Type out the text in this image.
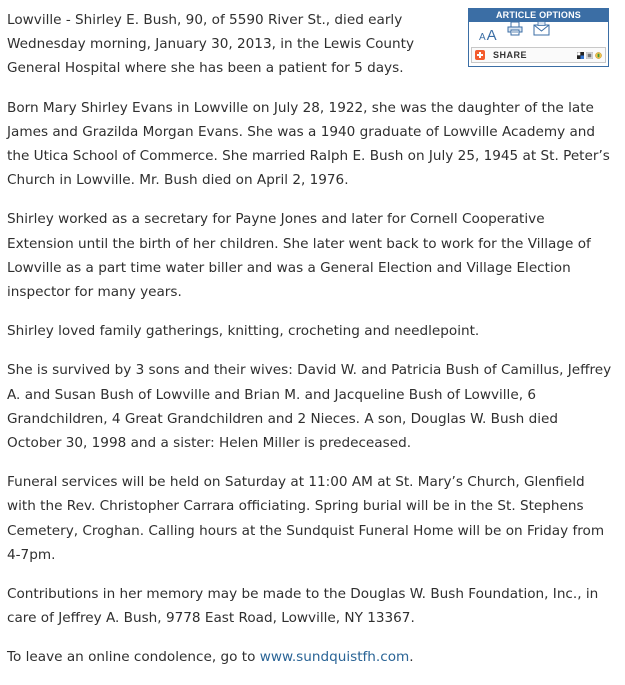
ARTICLE OPTIONS
A A
SHARE

Lowville - Shirley E. Bush, 90, of 5590 River St., died early Wednesday morning, January 30, 2013, in the Lewis County General Hospital where she has been a patient for 5 days.

Born Mary Shirley Evans in Lowville on July 28, 1922, she was the daughter of the late James and Grazilda Morgan Evans. She was a 1940 graduate of Lowville Academy and the Utica School of Commerce. She married Ralph E. Bush on July 25, 1945 at St. Peter’s Church in Lowville. Mr. Bush died on April 2, 1976.

Shirley worked as a secretary for Payne Jones and later for Cornell Cooperative Extension until the birth of her children. She later went back to work for the Village of Lowville as a part time water biller and was a General Election and Village Election inspector for many years.

Shirley loved family gatherings, knitting, crocheting and needlepoint.

She is survived by 3 sons and their wives: David W. and Patricia Bush of Camillus, Jeffrey A. and Susan Bush of Lowville and Brian M. and Jacqueline Bush of Lowville, 6 Grandchildren, 4 Great Grandchildren and 2 Nieces. A son, Douglas W. Bush died October 30, 1998 and a sister: Helen Miller is predeceased.

Funeral services will be held on Saturday at 11:00 AM at St. Mary’s Church, Glenfield with the Rev. Christopher Carrara officiating. Spring burial will be in the St. Stephens Cemetery, Croghan. Calling hours at the Sundquist Funeral Home will be on Friday from 4-7pm.

Contributions in her memory may be made to the Douglas W. Bush Foundation, Inc., in care of Jeffrey A. Bush, 9778 East Road, Lowville, NY 13367.

To leave an online condolence, go to www.sundquistfh.com.
